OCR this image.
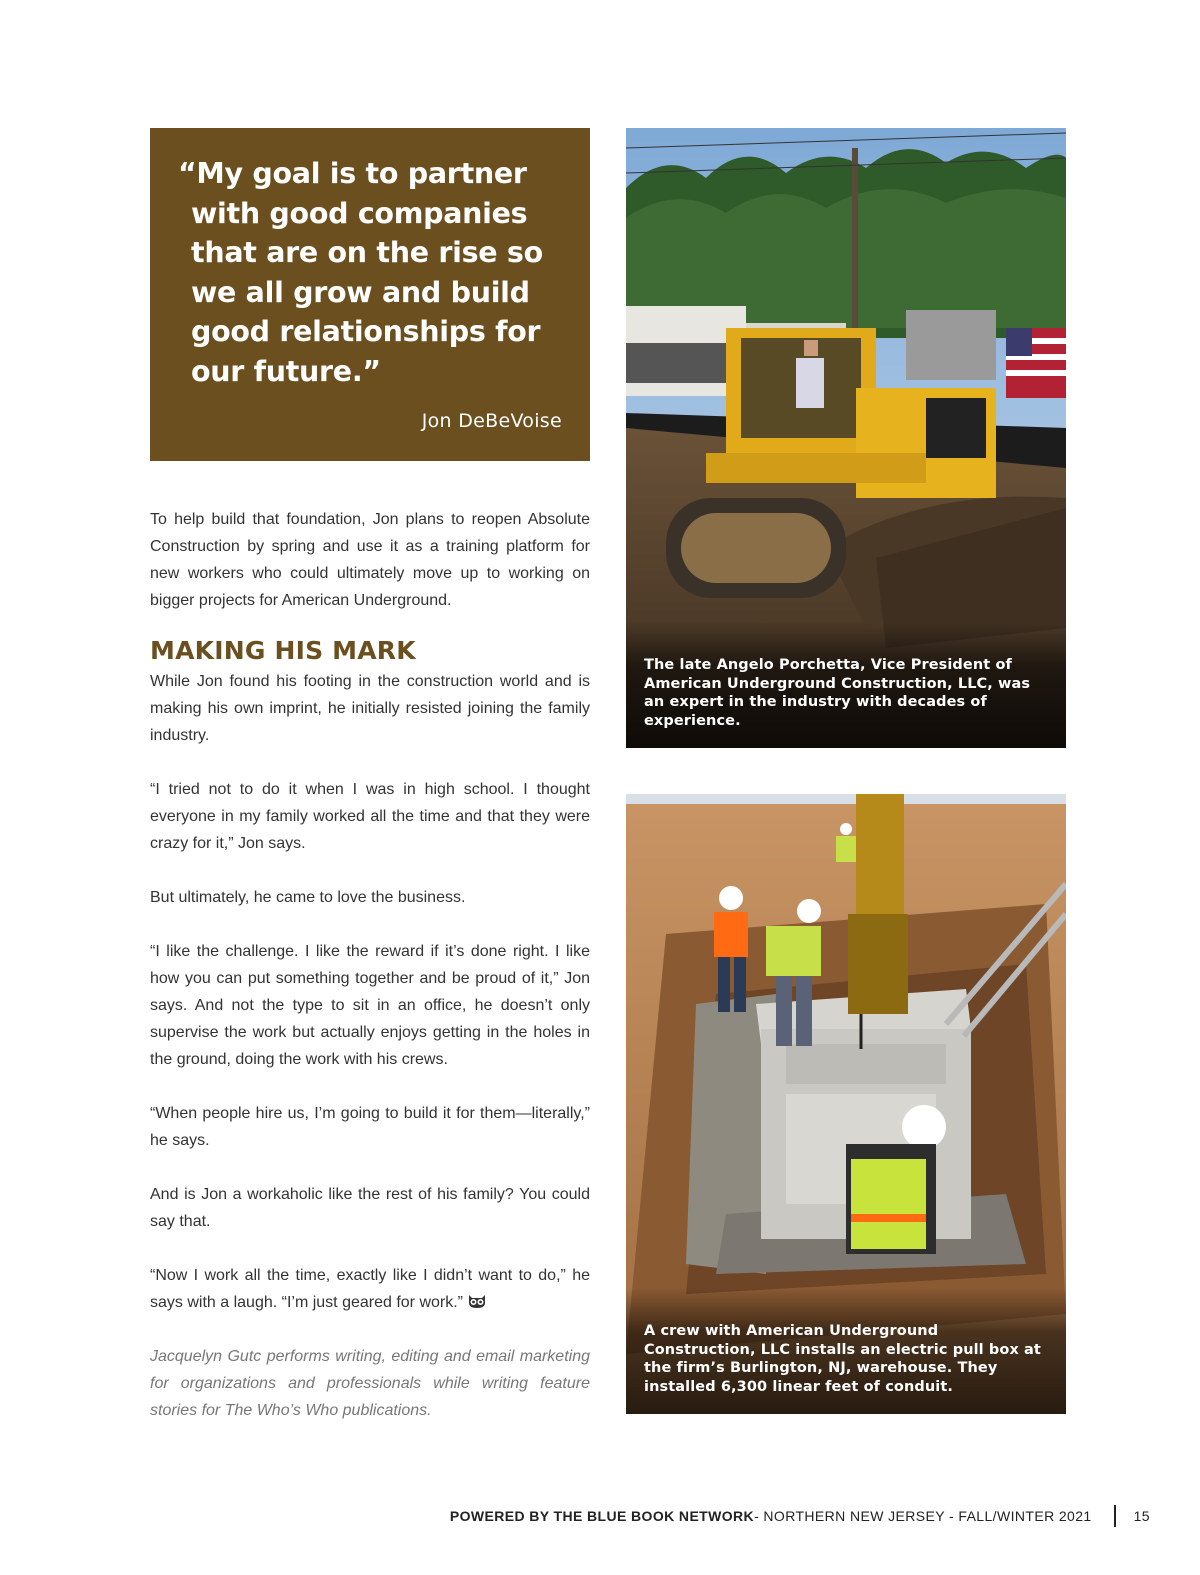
“My goal is to partner with good companies that are on the rise so we all grow and build good relationships for our future.”

Jon DeBeVoise

To help build that foundation, Jon plans to reopen Absolute Construction by spring and use it as a training platform for new workers who could ultimately move up to working on bigger projects for American Underground.

MAKING HIS MARK

While Jon found his footing in the construction world and is making his own imprint, he initially resisted joining the family industry.

“I tried not to do it when I was in high school. I thought everyone in my family worked all the time and that they were crazy for it,” Jon says.

But ultimately, he came to love the business.

“I like the challenge. I like the reward if it’s done right. I like how you can put something together and be proud of it,” Jon says. And not the type to sit in an office, he doesn’t only supervise the work but actually enjoys getting in the holes in the ground, doing the work with his crews.

“When people hire us, I’m going to build it for them—literally,” he says.

And is Jon a workaholic like the rest of his family? You could say that.

“Now I work all the time, exactly like I didn’t want to do,” he says with a laugh. “I’m just geared for work.”

Jacquelyn Gutc performs writing, editing and email marketing for organizations and professionals while writing feature stories for The Who’s Who publications.

The late Angelo Porchetta, Vice President of American Underground Construction, LLC, was an expert in the industry with decades of experience.
A crew with American Underground Construction, LLC installs an electric pull box at the firm’s Burlington, NJ, warehouse. They installed 6,300 linear feet of conduit.
POWERED BY THE BLUE BOOK NETWORK - NORTHERN NEW JERSEY - FALL/WINTER 2021	15
